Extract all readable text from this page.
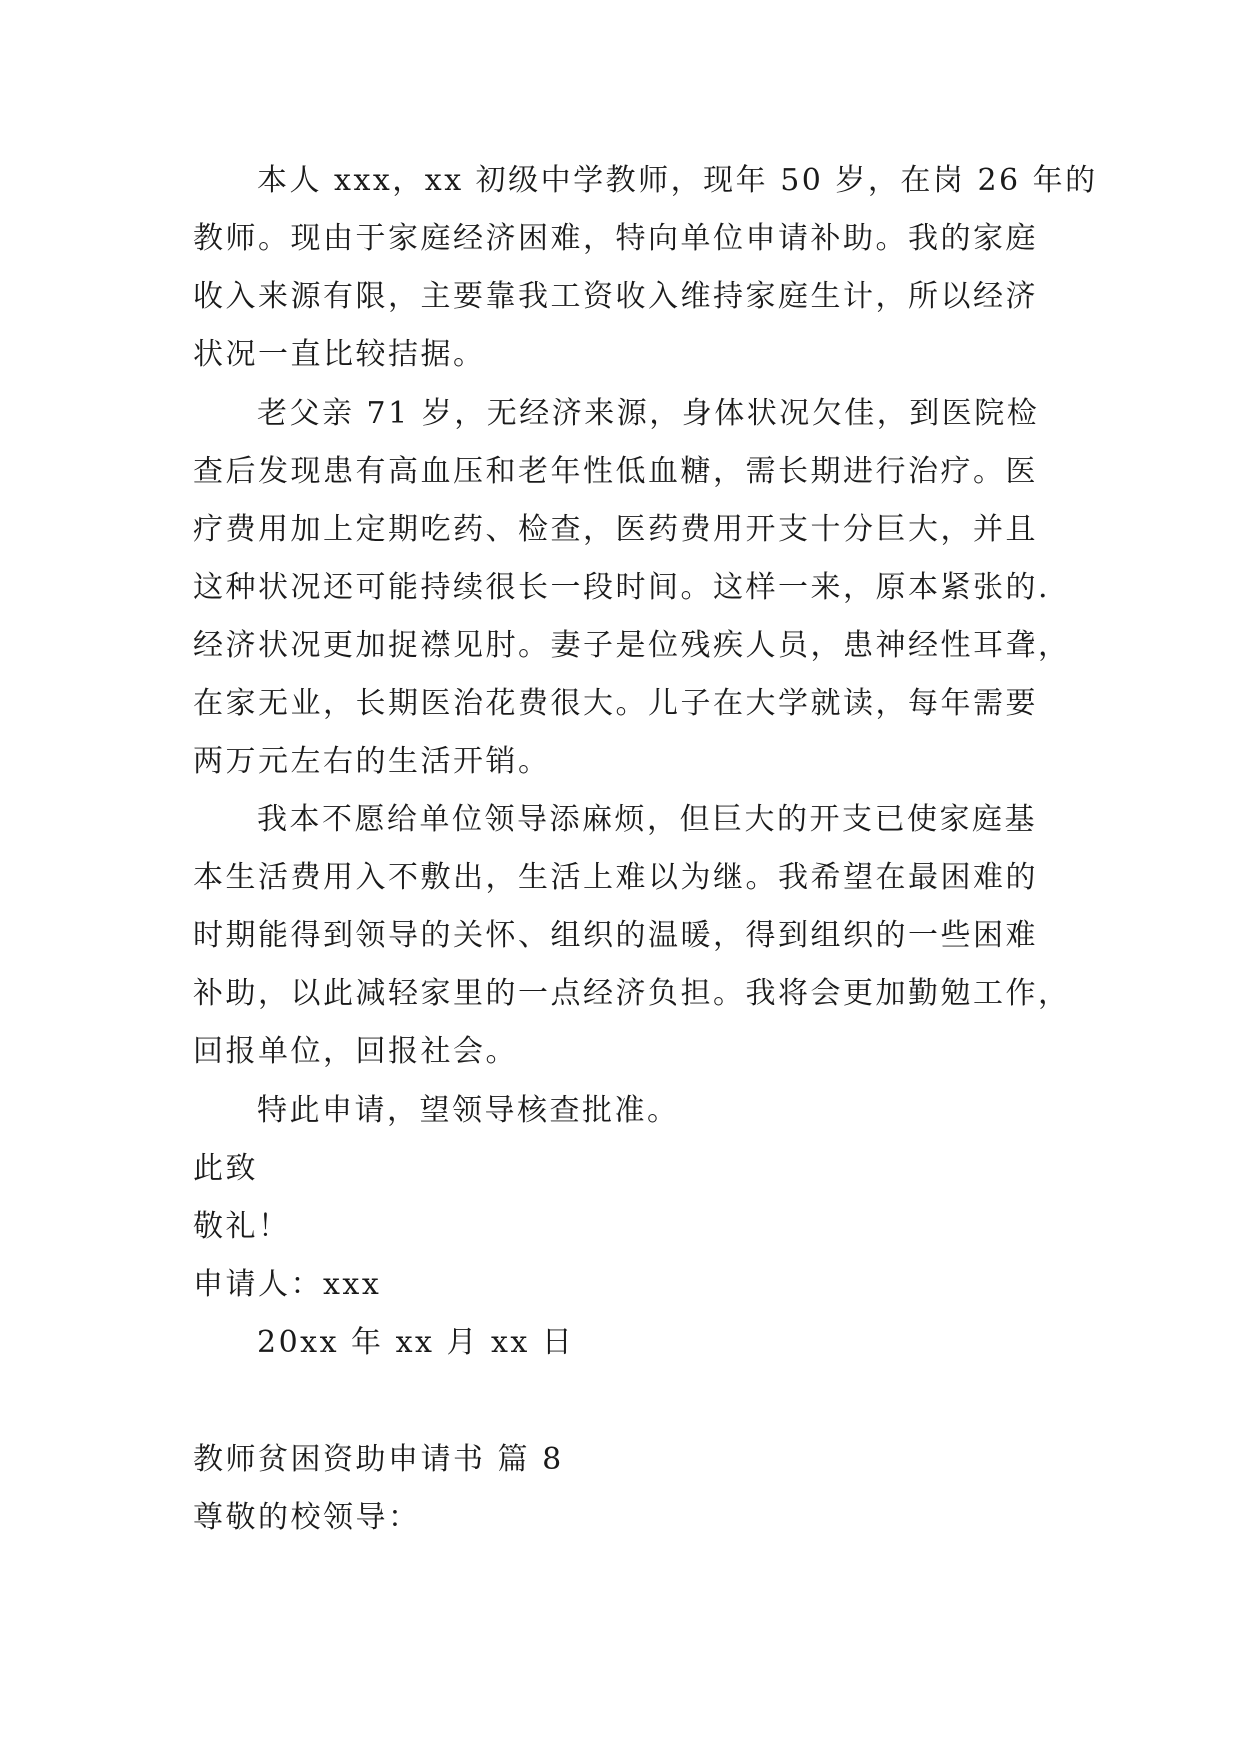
本人 xxx，xx 初级中学教师，现年 50 岁，在岗 26 年的
教师。现由于家庭经济困难，特向单位申请补助。我的家庭
收入来源有限，主要靠我工资收入维持家庭生计，所以经济
状况一直比较拮据。
老父亲 71 岁，无经济来源，身体状况欠佳，到医院检
查后发现患有高血压和老年性低血糖，需长期进行治疗。医
疗费用加上定期吃药、检查，医药费用开支十分巨大，并且
这种状况还可能持续很长一段时间。这样一来，原本紧张的.
经济状况更加捉襟见肘。妻子是位残疾人员，患神经性耳聋，
在家无业，长期医治花费很大。儿子在大学就读，每年需要
两万元左右的生活开销。
我本不愿给单位领导添麻烦，但巨大的开支已使家庭基
本生活费用入不敷出，生活上难以为继。我希望在最困难的
时期能得到领导的关怀、组织的温暖，得到组织的一些困难
补助，以此减轻家里的一点经济负担。我将会更加勤勉工作，
回报单位，回报社会。
特此申请，望领导核查批准。
此致
敬礼！
申请人：xxx
20xx 年 xx 月 xx 日
教师贫困资助申请书 篇 8
尊敬的校领导：
